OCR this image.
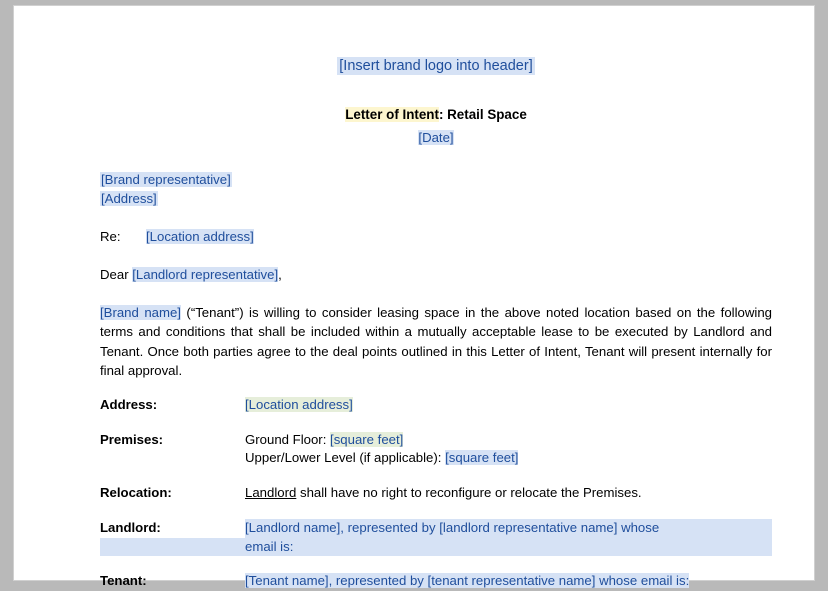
[Insert brand logo into header]
Letter of Intent: Retail Space
[Date]
[Brand representative]
[Address]
Re: [Location address]
Dear [Landlord representative],
[Brand name] (“Tenant”) is willing to consider leasing space in the above noted location based on the following terms and conditions that shall be included within a mutually acceptable lease to be executed by Landlord and Tenant. Once both parties agree to the deal points outlined in this Letter of Intent, Tenant will present internally for final approval.
Address:	[Location address]
Premises:	Ground Floor: [square feet]
Upper/Lower Level (if applicable): [square feet]
Relocation:	Landlord shall have no right to reconfigure or relocate the Premises.
Landlord:	[Landlord name], represented by [landlord representative name] whose
email is:
Tenant:	[Tenant name], represented by [tenant representative name] whose email is:
